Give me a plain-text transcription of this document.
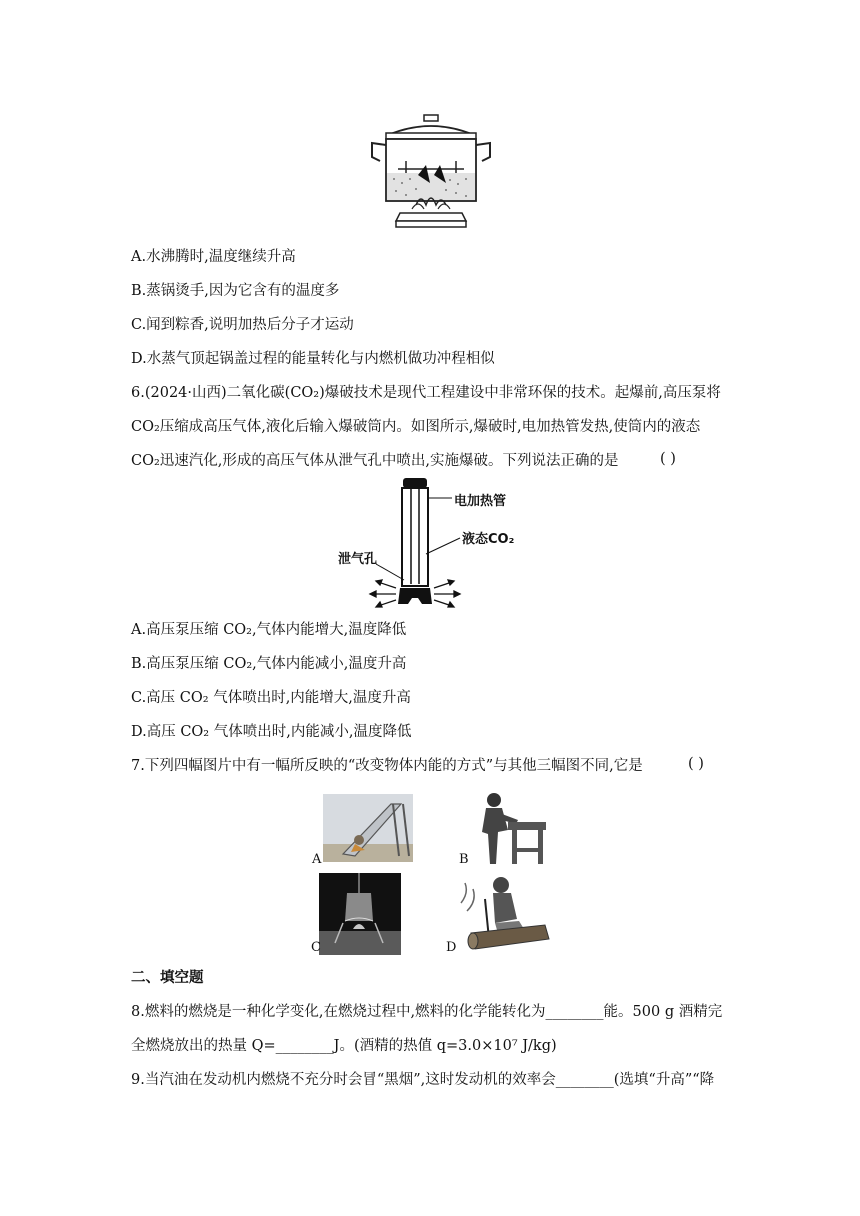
A.水沸腾时,温度继续升高
B.蒸锅烫手,因为它含有的温度多
C.闻到粽香,说明加热后分子才运动
D.水蒸气顶起锅盖过程的能量转化与内燃机做功冲程相似
6.(2024·山西)二氧化碳(CO₂)爆破技术是现代工程建设中非常环保的技术。起爆前,高压泵将
CO₂压缩成高压气体,液化后输入爆破筒内。如图所示,爆破时,电加热管发热,使筒内的液态
CO₂迅速汽化,形成的高压气体从泄气孔中喷出,实施爆破。下列说法正确的是	( )
电加热管
液态CO₂
泄气孔
A.高压泵压缩 CO₂,气体内能增大,温度降低
B.高压泵压缩 CO₂,气体内能减小,温度升高
C.高压 CO₂ 气体喷出时,内能增大,温度升高
D.高压 CO₂ 气体喷出时,内能减小,温度降低
7.下列四幅图片中有一幅所反映的“改变物体内能的方式”与其他三幅图不同,它是	( )
A	B
C	D
二、填空题
8.燃料的燃烧是一种化学变化,在燃烧过程中,燃料的化学能转化为________能。500 g 酒精完
全燃烧放出的热量 Q=________J。(酒精的热值 q=3.0×10⁷ J/kg)
9.当汽油在发动机内燃烧不充分时会冒“黑烟”,这时发动机的效率会________(选填“升高”“降
